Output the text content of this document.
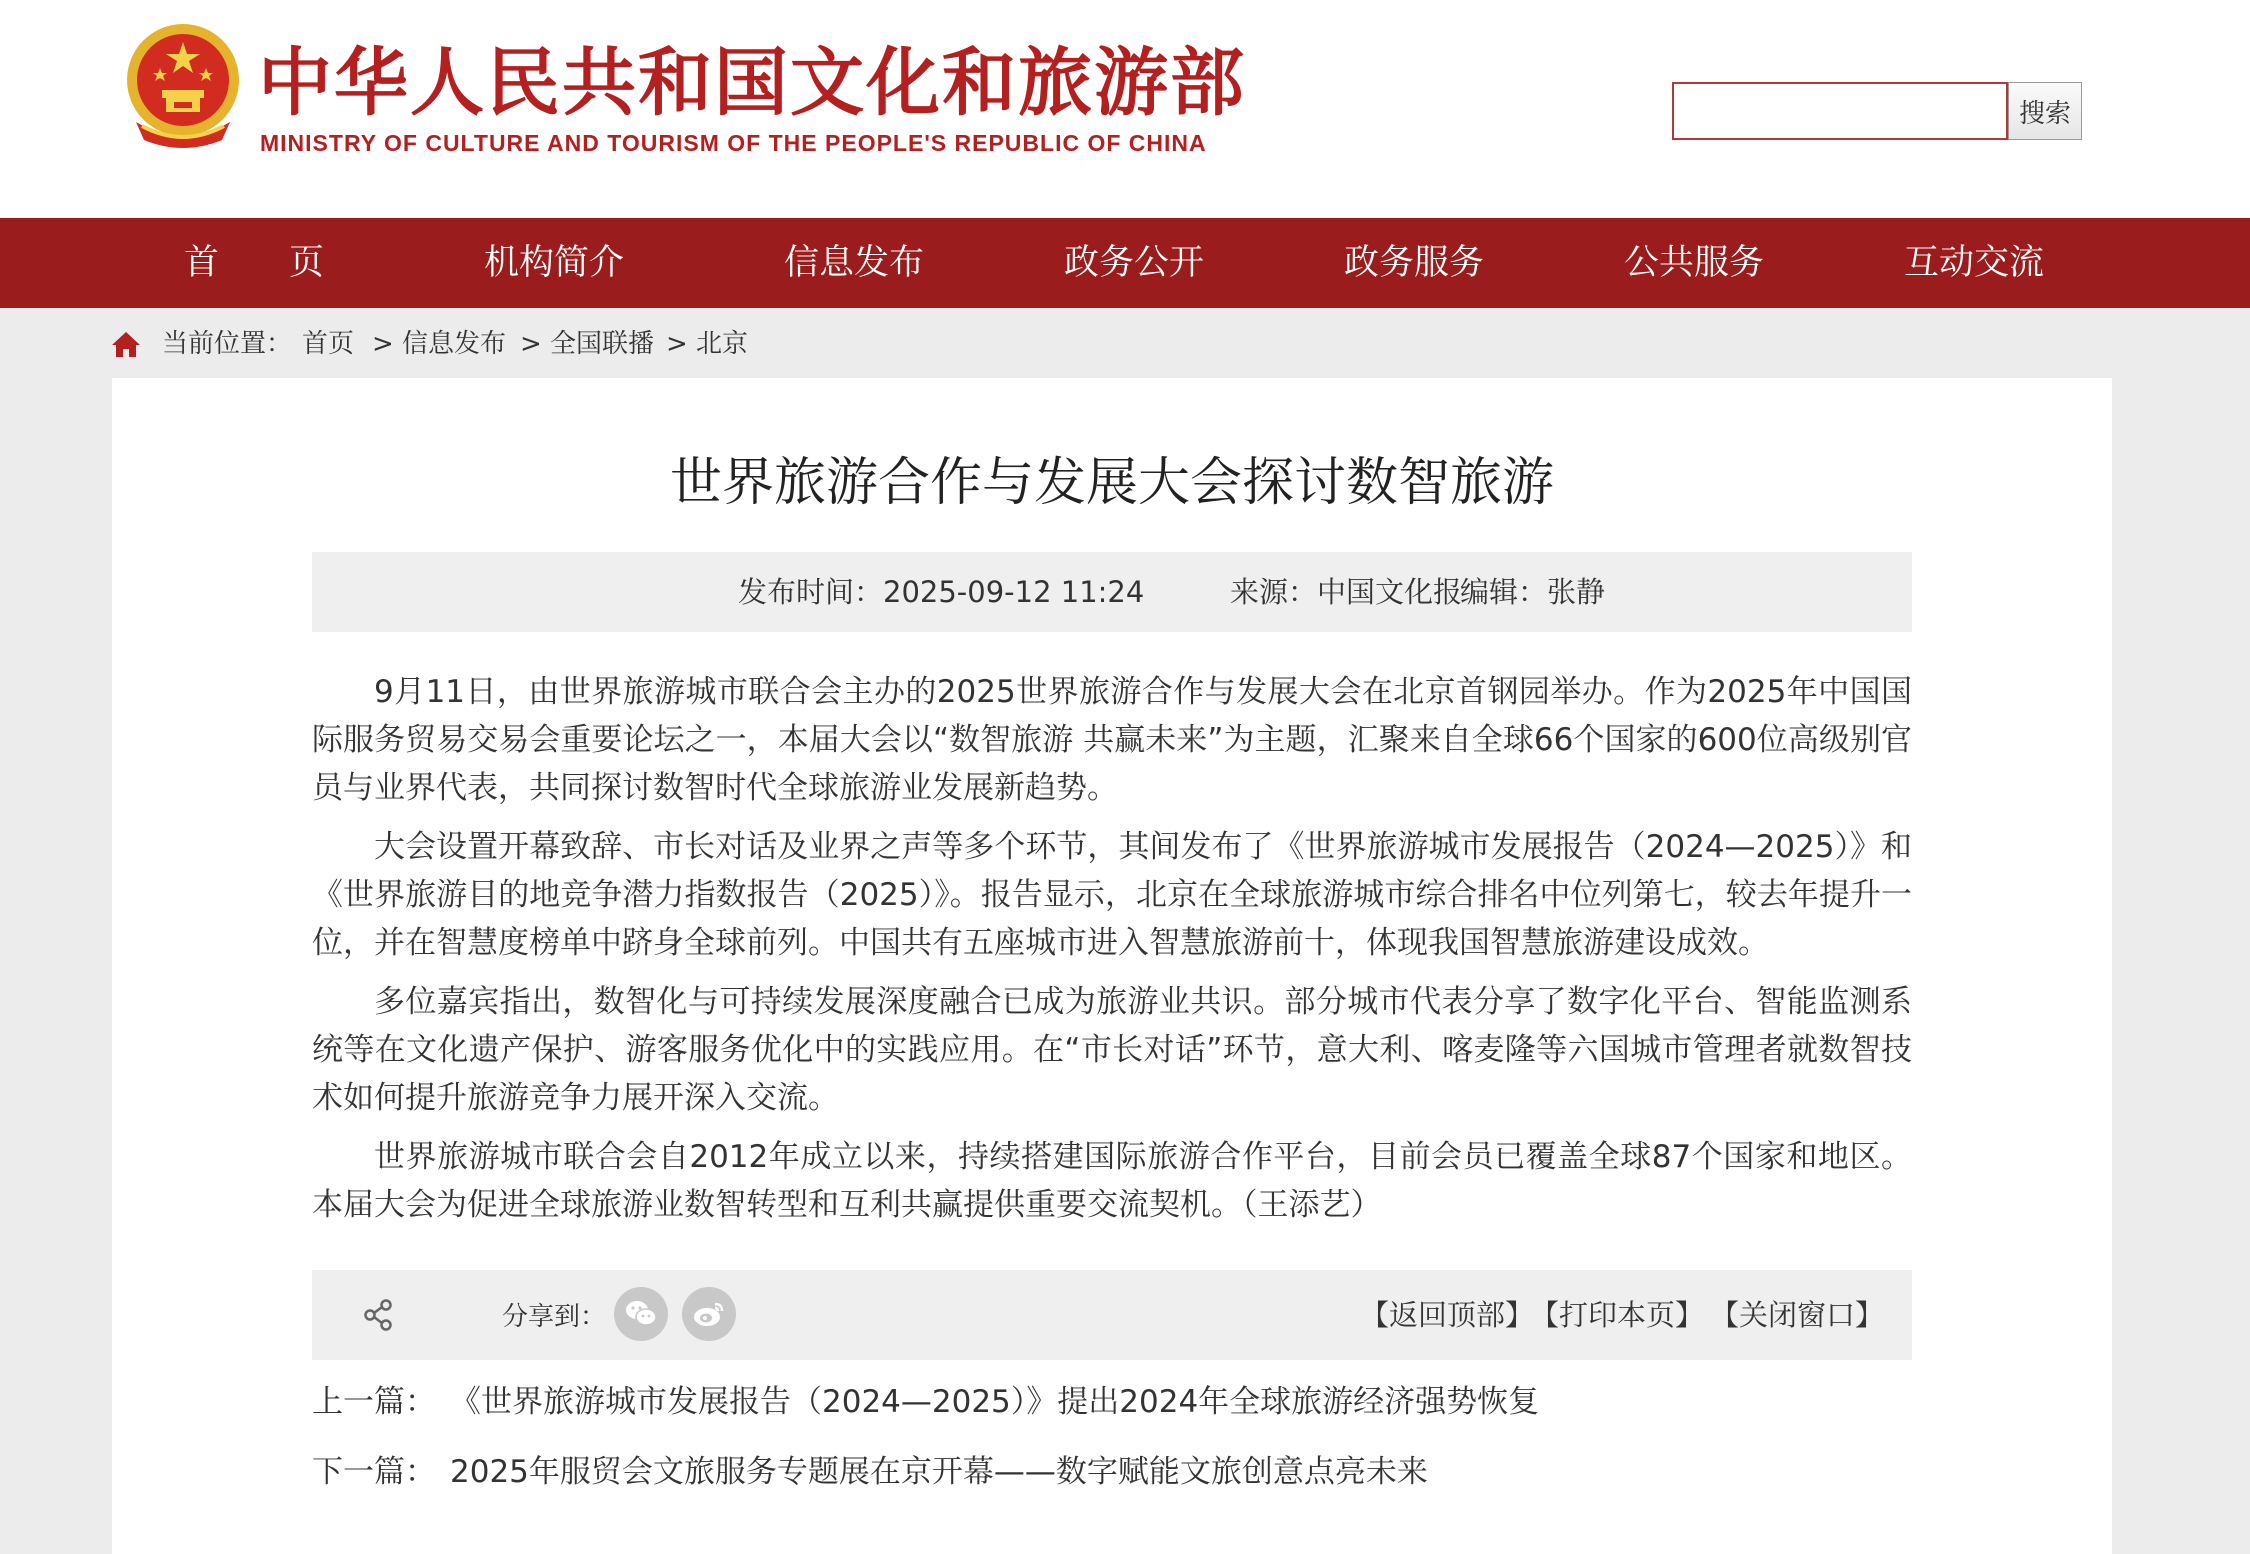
中华人民共和国文化和旅游部
MINISTRY OF CULTURE AND TOURISM OF THE PEOPLE'S REPUBLIC OF CHINA
搜索
首　　页	机构简介	信息发布	政务公开	政务服务	公共服务	互动交流
当前位置： 首页 > 信息发布 > 全国联播 > 北京
世界旅游合作与发展大会探讨数智旅游
发布时间：2025-09-12 11:24	来源：中国文化报
编辑：张静

9月11日，由世界旅游城市联合会主办的2025世界旅游合作与发展大会在北京首钢园举办。作为2025年中国国际服务贸易交易会重要论坛之一，本届大会以“数智旅游 共赢未来”为主题，汇聚来自全球66个国家的600位高级别官员与业界代表，共同探讨数智时代全球旅游业发展新趋势。

大会设置开幕致辞、市长对话及业界之声等多个环节，其间发布了《世界旅游城市发展报告（2024—2025）》和《世界旅游目的地竞争潜力指数报告（2025）》。报告显示，北京在全球旅游城市综合排名中位列第七，较去年提升一位，并在智慧度榜单中跻身全球前列。中国共有五座城市进入智慧旅游前十，体现我国智慧旅游建设成效。

多位嘉宾指出，数智化与可持续发展深度融合已成为旅游业共识。部分城市代表分享了数字化平台、智能监测系统等在文化遗产保护、游客服务优化中的实践应用。在“市长对话”环节，意大利、喀麦隆等六国城市管理者就数智技术如何提升旅游竞争力展开深入交流。

世界旅游城市联合会自2012年成立以来，持续搭建国际旅游合作平台，目前会员已覆盖全球87个国家和地区。本届大会为促进全球旅游业数智转型和互利共赢提供重要交流契机。（王添艺）

分享到：	【返回顶部】
【打印本页】 【关闭窗口】
上一篇： 《世界旅游城市发展报告（2024—2025）》提出2024年全球旅游经济强势恢复
下一篇： 2025年服贸会文旅服务专题展在京开幕——数字赋能文旅创意点亮未来
